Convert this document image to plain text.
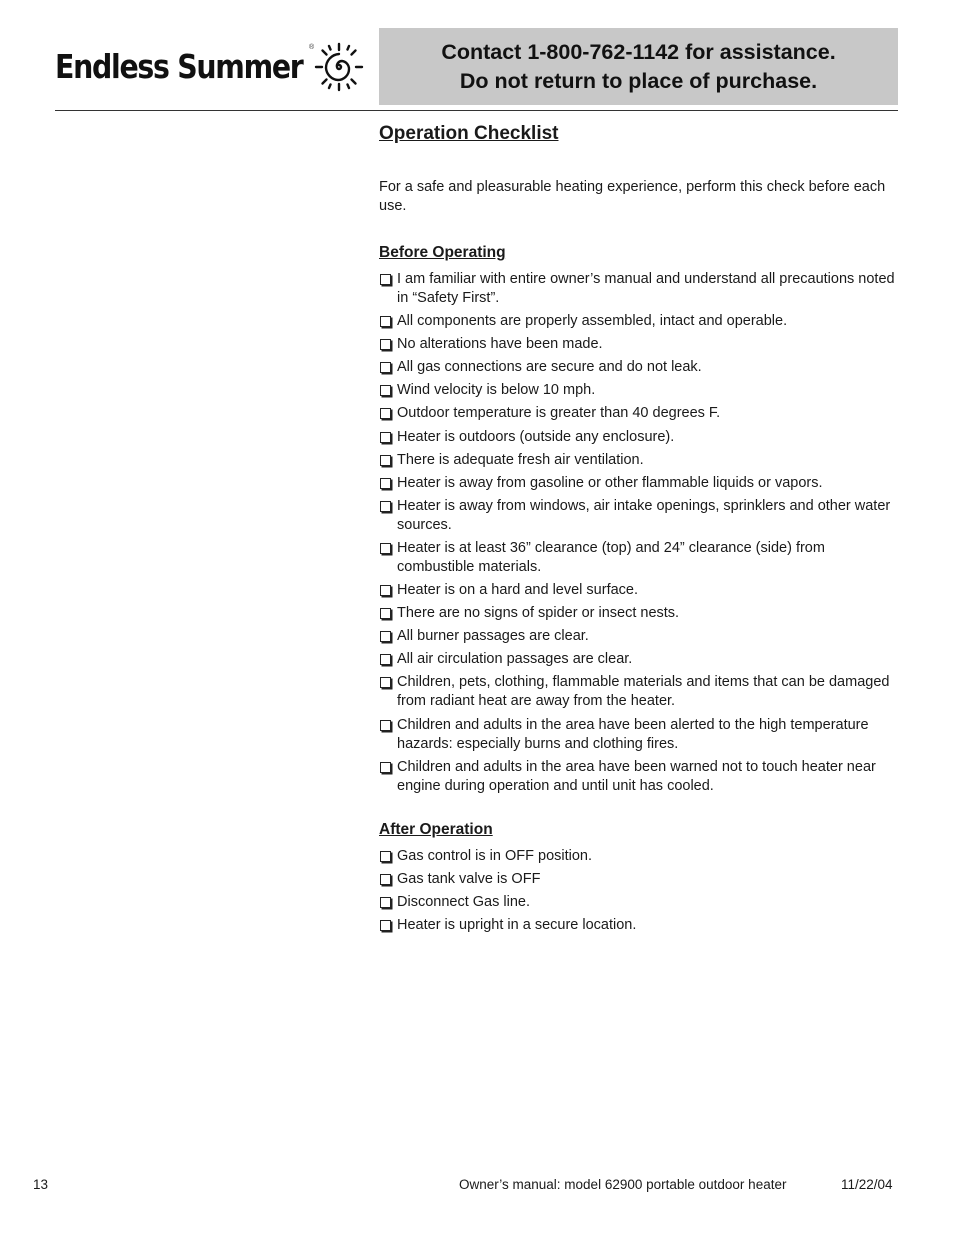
Endless Summer ®	Contact 1-800-762-1142 for assistance.
Do not return to place of purchase.
Operation Checklist

For a safe and pleasurable heating experience, perform this check before each use.

Before Operating
I am familiar with entire owner’s manual and understand all precautions noted in “Safety First”.
All components are properly assembled, intact and operable.
No alterations have been made.
All gas connections are secure and do not leak.
Wind velocity is below 10 mph.
Outdoor temperature is greater than 40 degrees F.
Heater is outdoors (outside any enclosure).
There is adequate fresh air ventilation.
Heater is away from gasoline or other flammable liquids or vapors.
Heater is away from windows, air intake openings, sprinklers and other water sources.
Heater is at least 36” clearance (top) and 24” clearance (side) from combustible materials.
Heater is on a hard and level surface.
There are no signs of spider or insect nests.
All burner passages are clear.
All air circulation passages are clear.
Children, pets, clothing, flammable materials and items that can be damaged from radiant heat are away from the heater.
Children and adults in the area have been alerted to the high temperature hazards: especially burns and clothing fires.
Children and adults in the area have been warned not to touch heater near engine during operation and until unit has cooled.
After Operation
Gas control is in OFF position.
Gas tank valve is OFF
Disconnect Gas line.
Heater is upright in a secure location.
13	Owner’s manual: model 62900 portable outdoor heater	11/22/04
